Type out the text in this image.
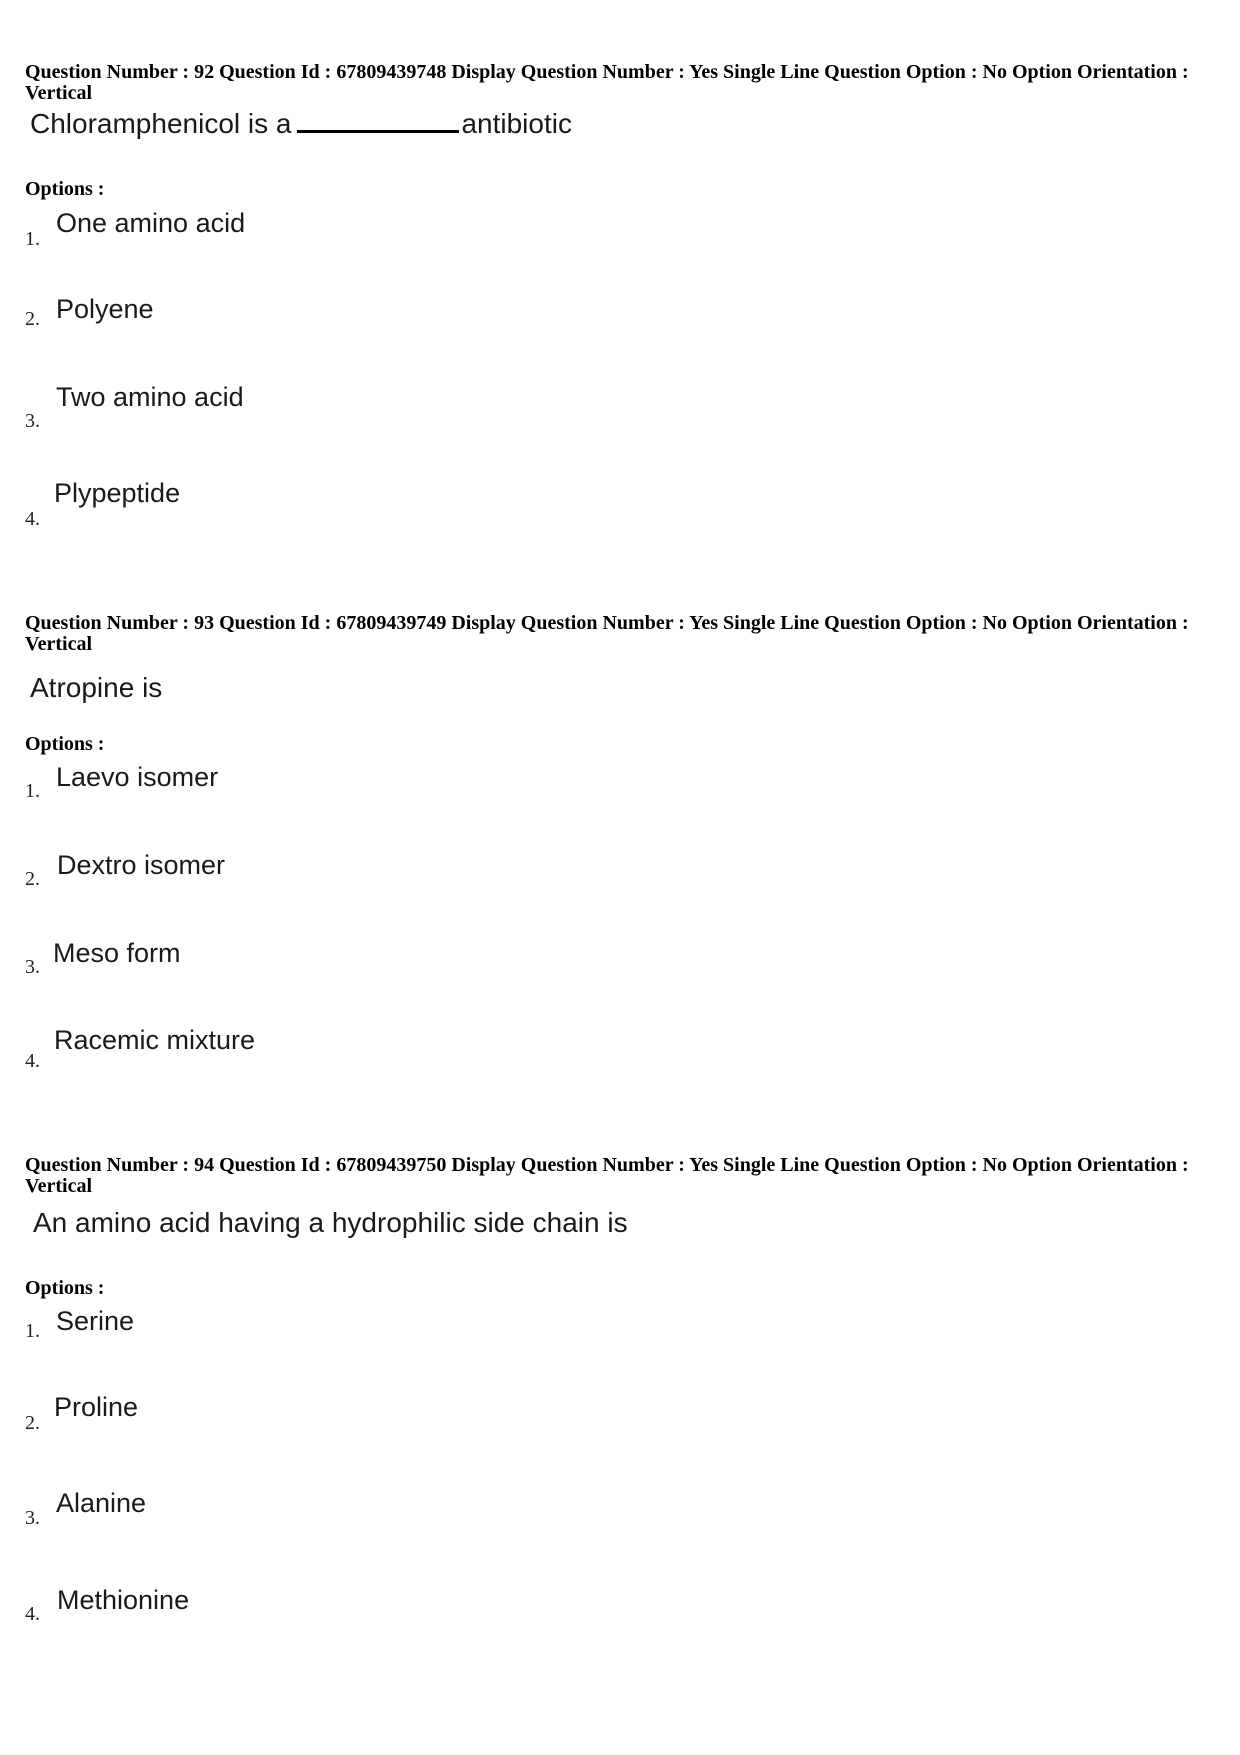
Question Number : 92 Question Id : 67809439748 Display Question Number : Yes Single Line Question Option : No Option Orientation : Vertical

Chloramphenicol is a	antibiotic
Options :
1.
One amino acid
2. Polyene
3.
Two amino acid
4.
Plypeptide

Question Number : 93 Question Id : 67809439749 Display Question Number : Yes Single Line Question Option : No Option Orientation : Vertical

Atropine is
Options :
1. Laevo isomer
2. Dextro isomer
3. Meso form
4.
Racemic mixture

Question Number : 94 Question Id : 67809439750 Display Question Number : Yes Single Line Question Option : No Option Orientation : Vertical

An amino acid having a hydrophilic side chain is
Options :
1. Serine
2.
Proline
3. Alanine
4. Methionine
